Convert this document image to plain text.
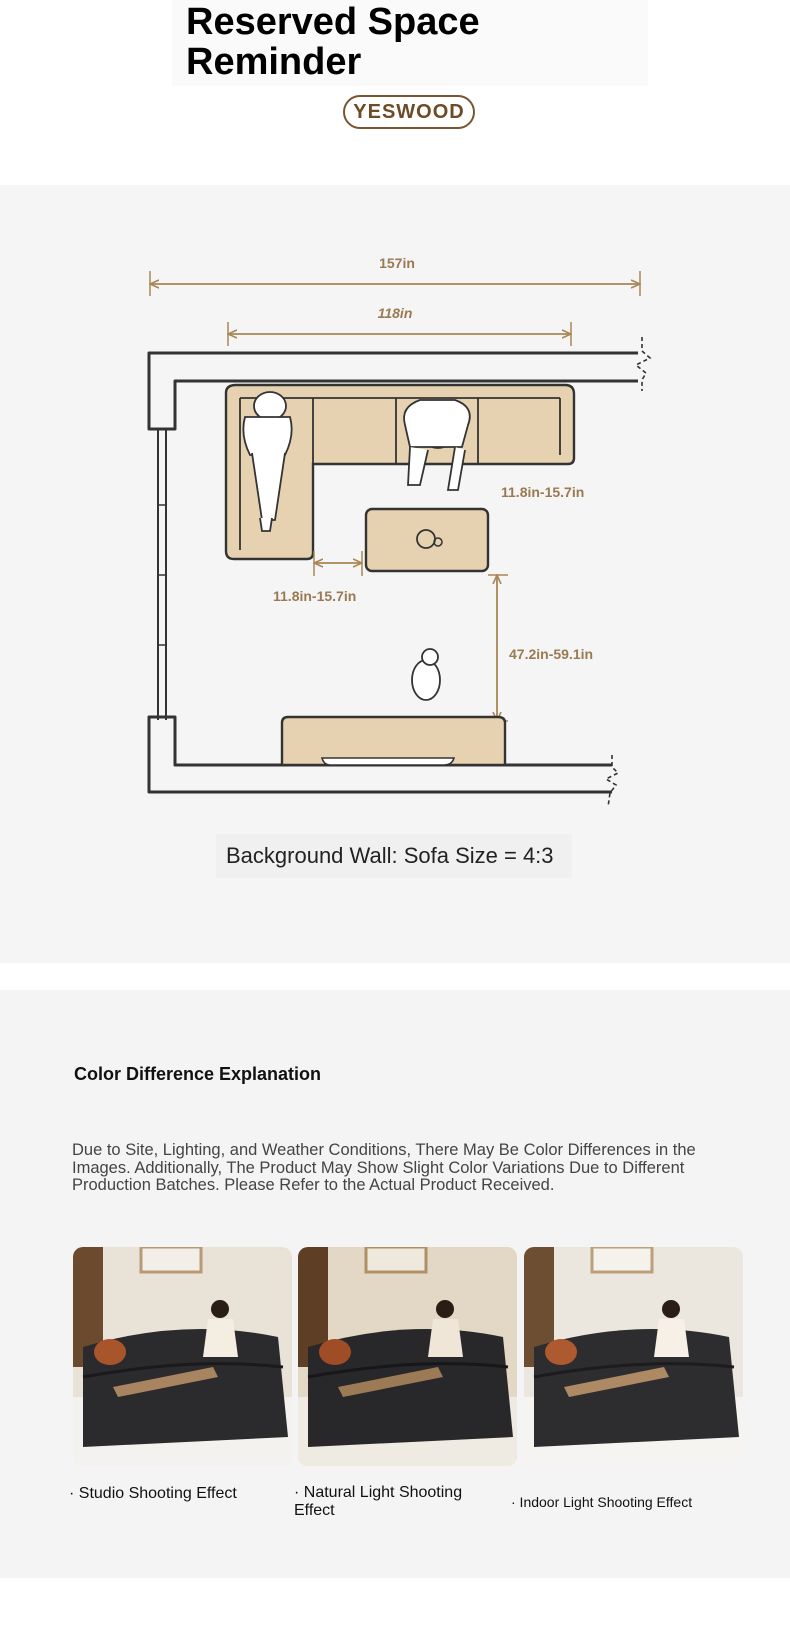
Reserved Space Reminder
YESWOOD
157in
118in
11.8in-15.7in
11.8in-15.7in
47.2in-59.1in
Background Wall: Sofa Size = 4:3
Color Difference Explanation
Due to Site, Lighting, and Weather Conditions, There May Be Color Differences in the Images. Additionally, The Product May Show Slight Color Variations Due to Different Production Batches. Please Refer to the Actual Product Received.
· Studio Shooting Effect	· Natural Light Shooting Effect	· Indoor Light Shooting Effect
